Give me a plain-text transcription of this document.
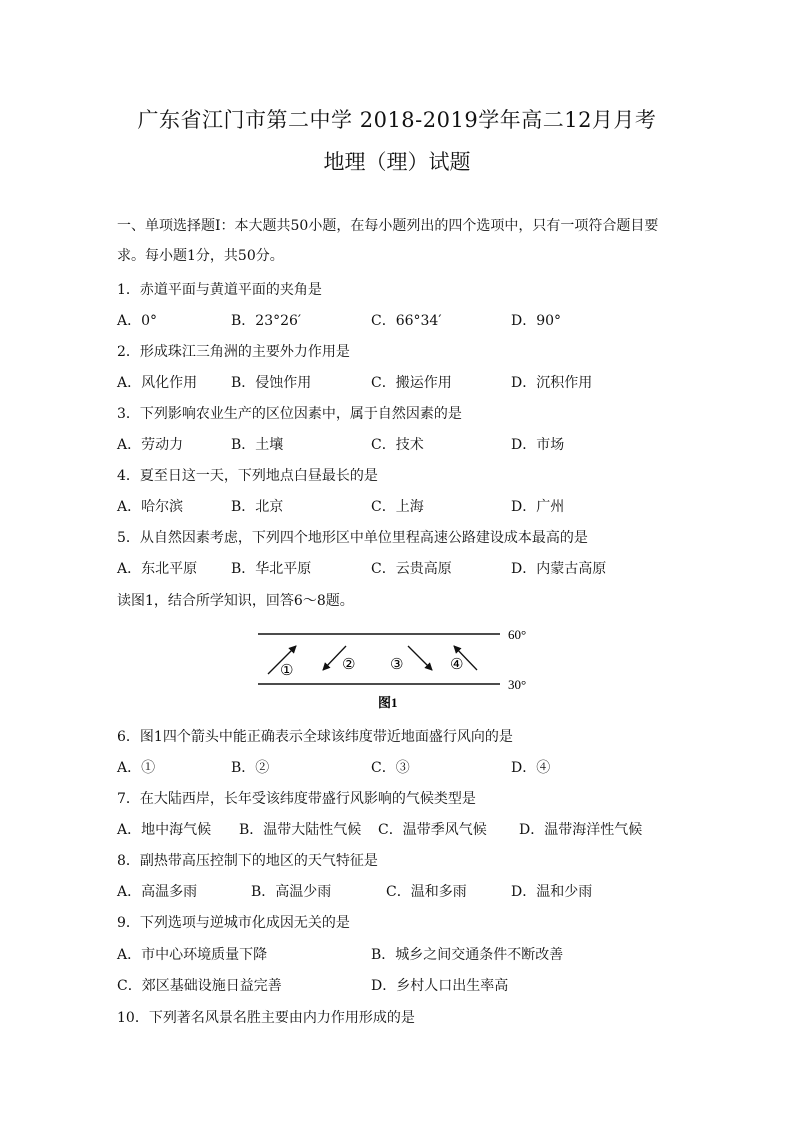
广东省江门市第二中学 2018-2019学年高二12月月考
地理（理）试题
一、单项选择题I：本大题共50小题，在每小题列出的四个选项中，只有一项符合题目要
求。每小题1分，共50分。
1．赤道平面与黄道平面的夹角是
A．0°	B．23°26′	C．66°34′	D．90°
2．形成珠江三角洲的主要外力作用是
A．风化作用 B．侵蚀作用	C．搬运作用	D．沉积作用
3．下列影响农业生产的区位因素中，属于自然因素的是
A．劳动力	B．土壤	C．技术	D．市场
4．夏至日这一天，下列地点白昼最长的是
A．哈尔滨	B．北京	C．上海	D．广州
5．从自然因素考虑，下列四个地形区中单位里程高速公路建设成本最高的是
A．东北平原 B．华北平原	C．云贵高原	D．内蒙古高原
读图1，结合所学知识，回答6～8题。
60°
30°
①	② ③	④
图1
6．图1四个箭头中能正确表示全球该纬度带近地面盛行风向的是
A．①	B．②	C．③	D．④
7．在大陆西岸，长年受该纬度带盛行风影响的气候类型是
A．地中海气候 B．温带大陆性气候 C．温带季风气候 D．温带海洋性气候
8．副热带高压控制下的地区的天气特征是
A．高温多雨	B．高温少雨	C．温和多雨	D．温和少雨
9．下列选项与逆城市化成因无关的是
A．市中心环境质量下降	B．城乡之间交通条件不断改善
C．郊区基础设施日益完善	D．乡村人口出生率高
10．下列著名风景名胜主要由内力作用形成的是
